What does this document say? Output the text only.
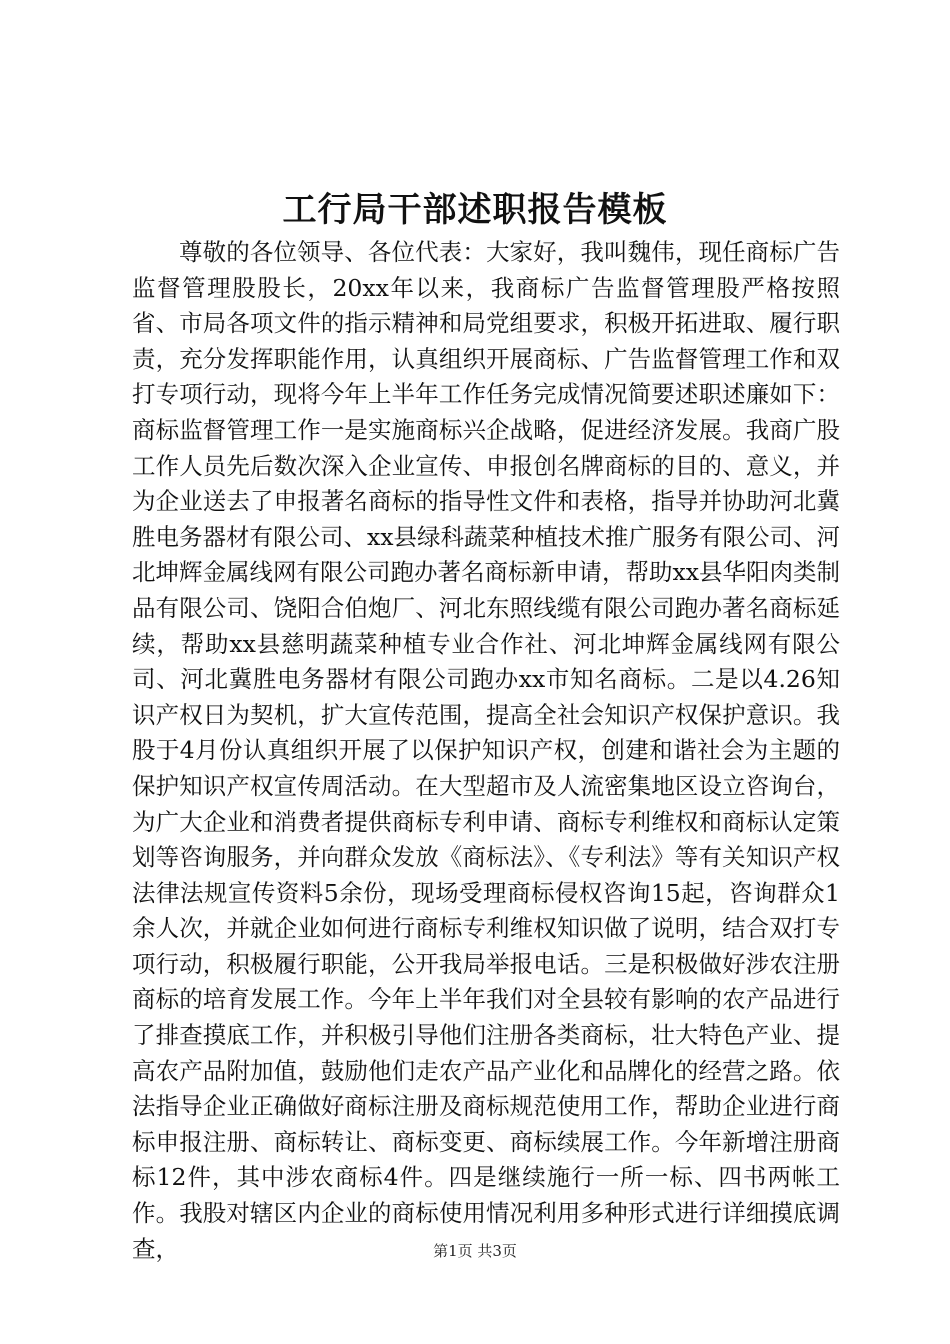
工行局干部述职报告模板

尊敬的各位领导、各位代表：大家好，我叫魏伟，现任商标广告监督管理股股长，20xx年以来，我商标广告监督管理股严格按照省、市局各项文件的指示精神和局党组要求，积极开拓进取、履行职责，充分发挥职能作用，认真组织开展商标、广告监督管理工作和双打专项行动，现将今年上半年工作任务完成情况简要述职述廉如下：商标监督管理工作一是实施商标兴企战略，促进经济发展。我商广股工作人员先后数次深入企业宣传、申报创名牌商标的目的、意义，并为企业送去了申报著名商标的指导性文件和表格，指导并协助河北冀胜电务器材有限公司、xx县绿科蔬菜种植技术推广服务有限公司、河北坤辉金属线网有限公司跑办著名商标新申请，帮助xx县华阳肉类制品有限公司、饶阳合伯炮厂、河北东照线缆有限公司跑办著名商标延续，帮助xx县慈明蔬菜种植专业合作社、河北坤辉金属线网有限公司、河北冀胜电务器材有限公司跑办xx市知名商标。二是以4.26知识产权日为契机，扩大宣传范围，提高全社会知识产权保护意识。我股于4月份认真组织开展了以保护知识产权，创建和谐社会为主题的保护知识产权宣传周活动。在大型超市及人流密集地区设立咨询台，为广大企业和消费者提供商标专利申请、商标专利维权和商标认定策划等咨询服务，并向群众发放《商标法》、《专利法》等有关知识产权法律法规宣传资料5余份，现场受理商标侵权咨询15起，咨询群众1余人次，并就企业如何进行商标专利维权知识做了说明，结合双打专项行动，积极履行职能，公开我局举报电话。三是积极做好涉农注册商标的培育发展工作。今年上半年我们对全县较有影响的农产品进行了排查摸底工作，并积极引导他们注册各类商标，壮大特色产业、提高农产品附加值，鼓励他们走农产品产业化和品牌化的经营之路。依法指导企业正确做好商标注册及商标规范使用工作，帮助企业进行商标申报注册、商标转让、商标变更、商标续展工作。今年新增注册商标12件，其中涉农商标4件。四是继续施行一所一标、四书两帐工作。我股对辖区内企业的商标使用情况利用多种形式进行详细摸底调查，	第1页 共3页
